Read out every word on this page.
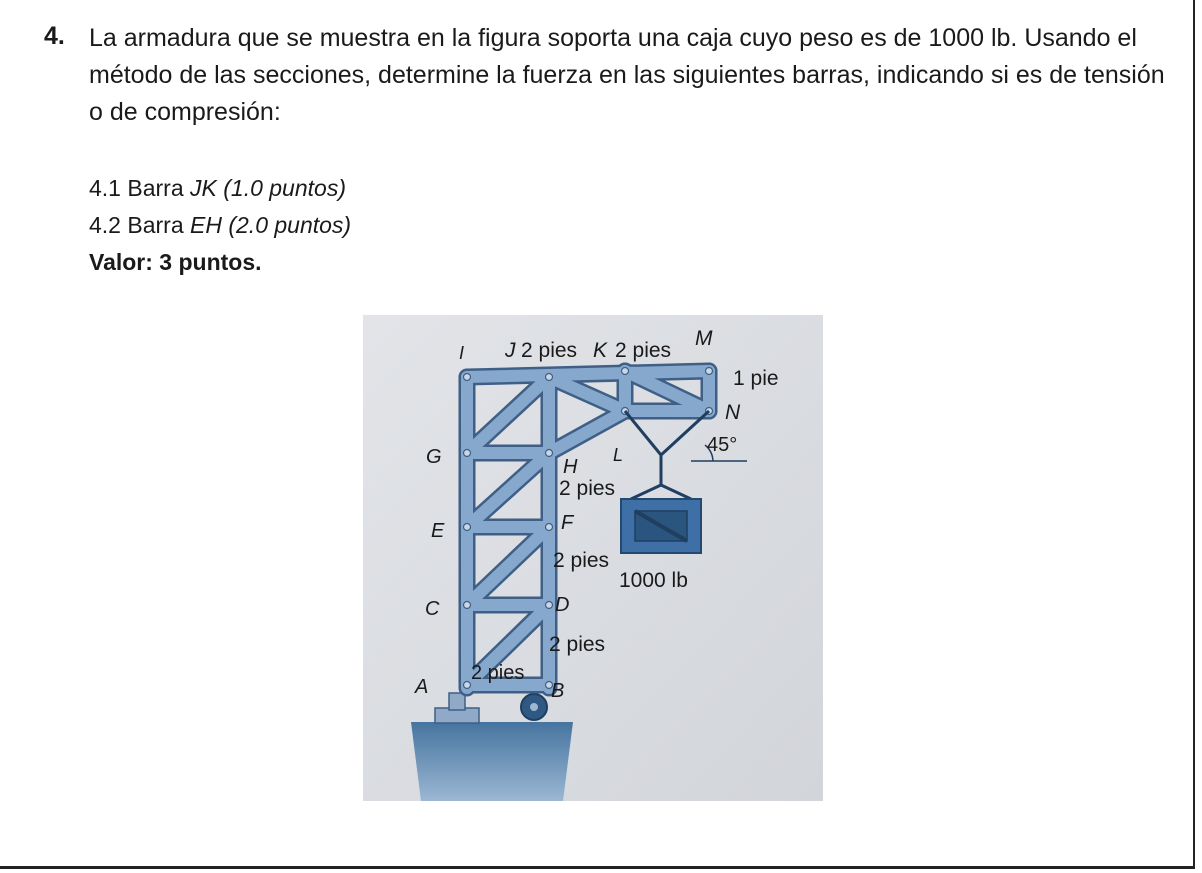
4. La armadura que se muestra en la figura soporta una caja cuyo peso es de 1000 lb. Usando el
método de las secciones, determine la fuerza en las siguientes barras, indicando si es de tensión
o de compresión:
4.1 Barra JK (1.0 puntos)
4.2 Barra EH (2.0 puntos)
Valor: 3 puntos.
I J 2 pies K 2 pies
M
1 pie
N
45°
L
G	H
2 pies
E	F
2 pies
1000 lb
C	D
2 pies
A
2 pies
B
